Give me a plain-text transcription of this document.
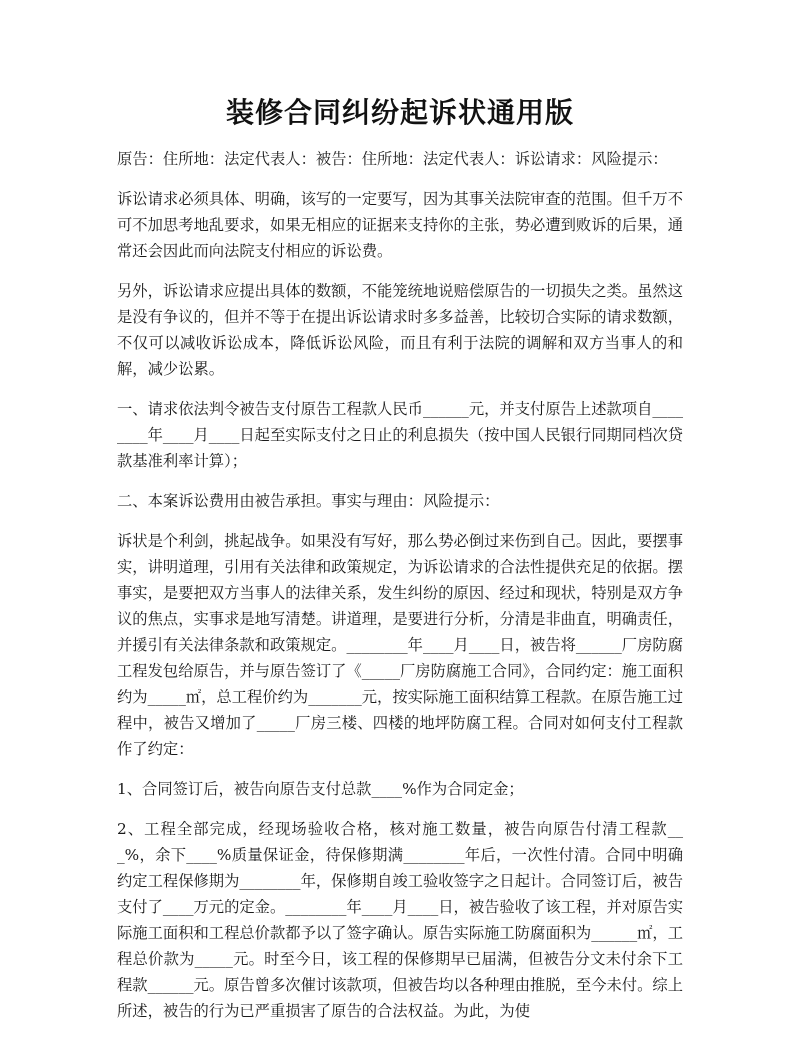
装修合同纠纷起诉状通用版

原告：住所地：法定代表人：被告：住所地：法定代表人：诉讼请求：风险提示：

诉讼请求必须具体、明确，该写的一定要写，因为其事关法院审查的范围。但千万不可不加思考地乱要求，如果无相应的证据来支持你的主张，势必遭到败诉的后果，通常还会因此而向法院支付相应的诉讼费。

另外，诉讼请求应提出具体的数额，不能笼统地说赔偿原告的一切损失之类。虽然这是没有争议的，但并不等于在提出诉讼请求时多多益善，比较切合实际的请求数额，不仅可以减收诉讼成本，降低诉讼风险，而且有利于法院的调解和双方当事人的和解，减少讼累。

一、请求依法判令被告支付原告工程款人民币______元，并支付原告上述款项自________年____月____日起至实际支付之日止的利息损失（按中国人民银行同期同档次贷款基准利率计算）；

二、本案诉讼费用由被告承担。事实与理由：风险提示：

诉状是个利剑，挑起战争。如果没有写好，那么势必倒过来伤到自己。因此，要摆事实，讲明道理，引用有关法律和政策规定，为诉讼请求的合法性提供充足的依据。摆事实，是要把双方当事人的法律关系，发生纠纷的原因、经过和现状，特别是双方争议的焦点，实事求是地写清楚。讲道理，是要进行分析，分清是非曲直，明确责任，并援引有关法律条款和政策规定。________年____月____日，被告将______厂房防腐工程发包给原告，并与原告签订了《_____厂房防腐施工合同》，合同约定：施工面积约为_____㎡，总工程价约为_______元，按实际施工面积结算工程款。在原告施工过程中，被告又增加了_____厂房三楼、四楼的地坪防腐工程。合同对如何支付工程款作了约定：

1、合同签订后，被告向原告支付总款____%作为合同定金；

2、工程全部完成，经现场验收合格，核对施工数量，被告向原告付清工程款___%，余下____%质量保证金，待保修期满________年后，一次性付清。合同中明确约定工程保修期为________年，保修期自竣工验收签字之日起计。合同签订后，被告支付了____万元的定金。________年____月____日，被告验收了该工程，并对原告实际施工面积和工程总价款都予以了签字确认。原告实际施工防腐面积为______㎡，工程总价款为_____元。时至今日，该工程的保修期早已届满，但被告分文未付余下工程款______元。原告曾多次催讨该款项，但被告均以各种理由推脱，至今未付。综上所述，被告的行为已严重损害了原告的合法权益。为此，为使
